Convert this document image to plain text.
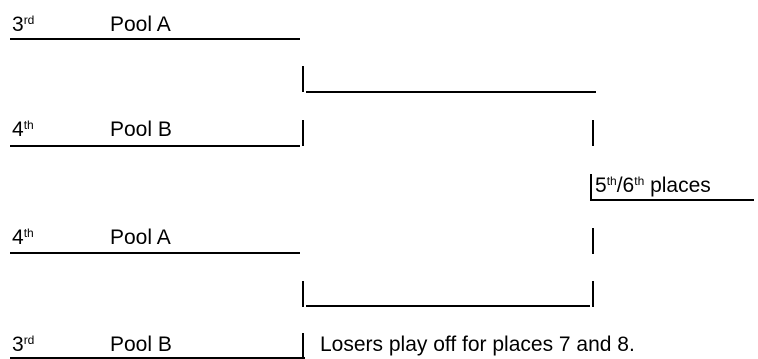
3rd	Pool A
4th	Pool B
4th	Pool A
3rd	Pool B
5th/6th places
Losers play off for places 7 and 8.
